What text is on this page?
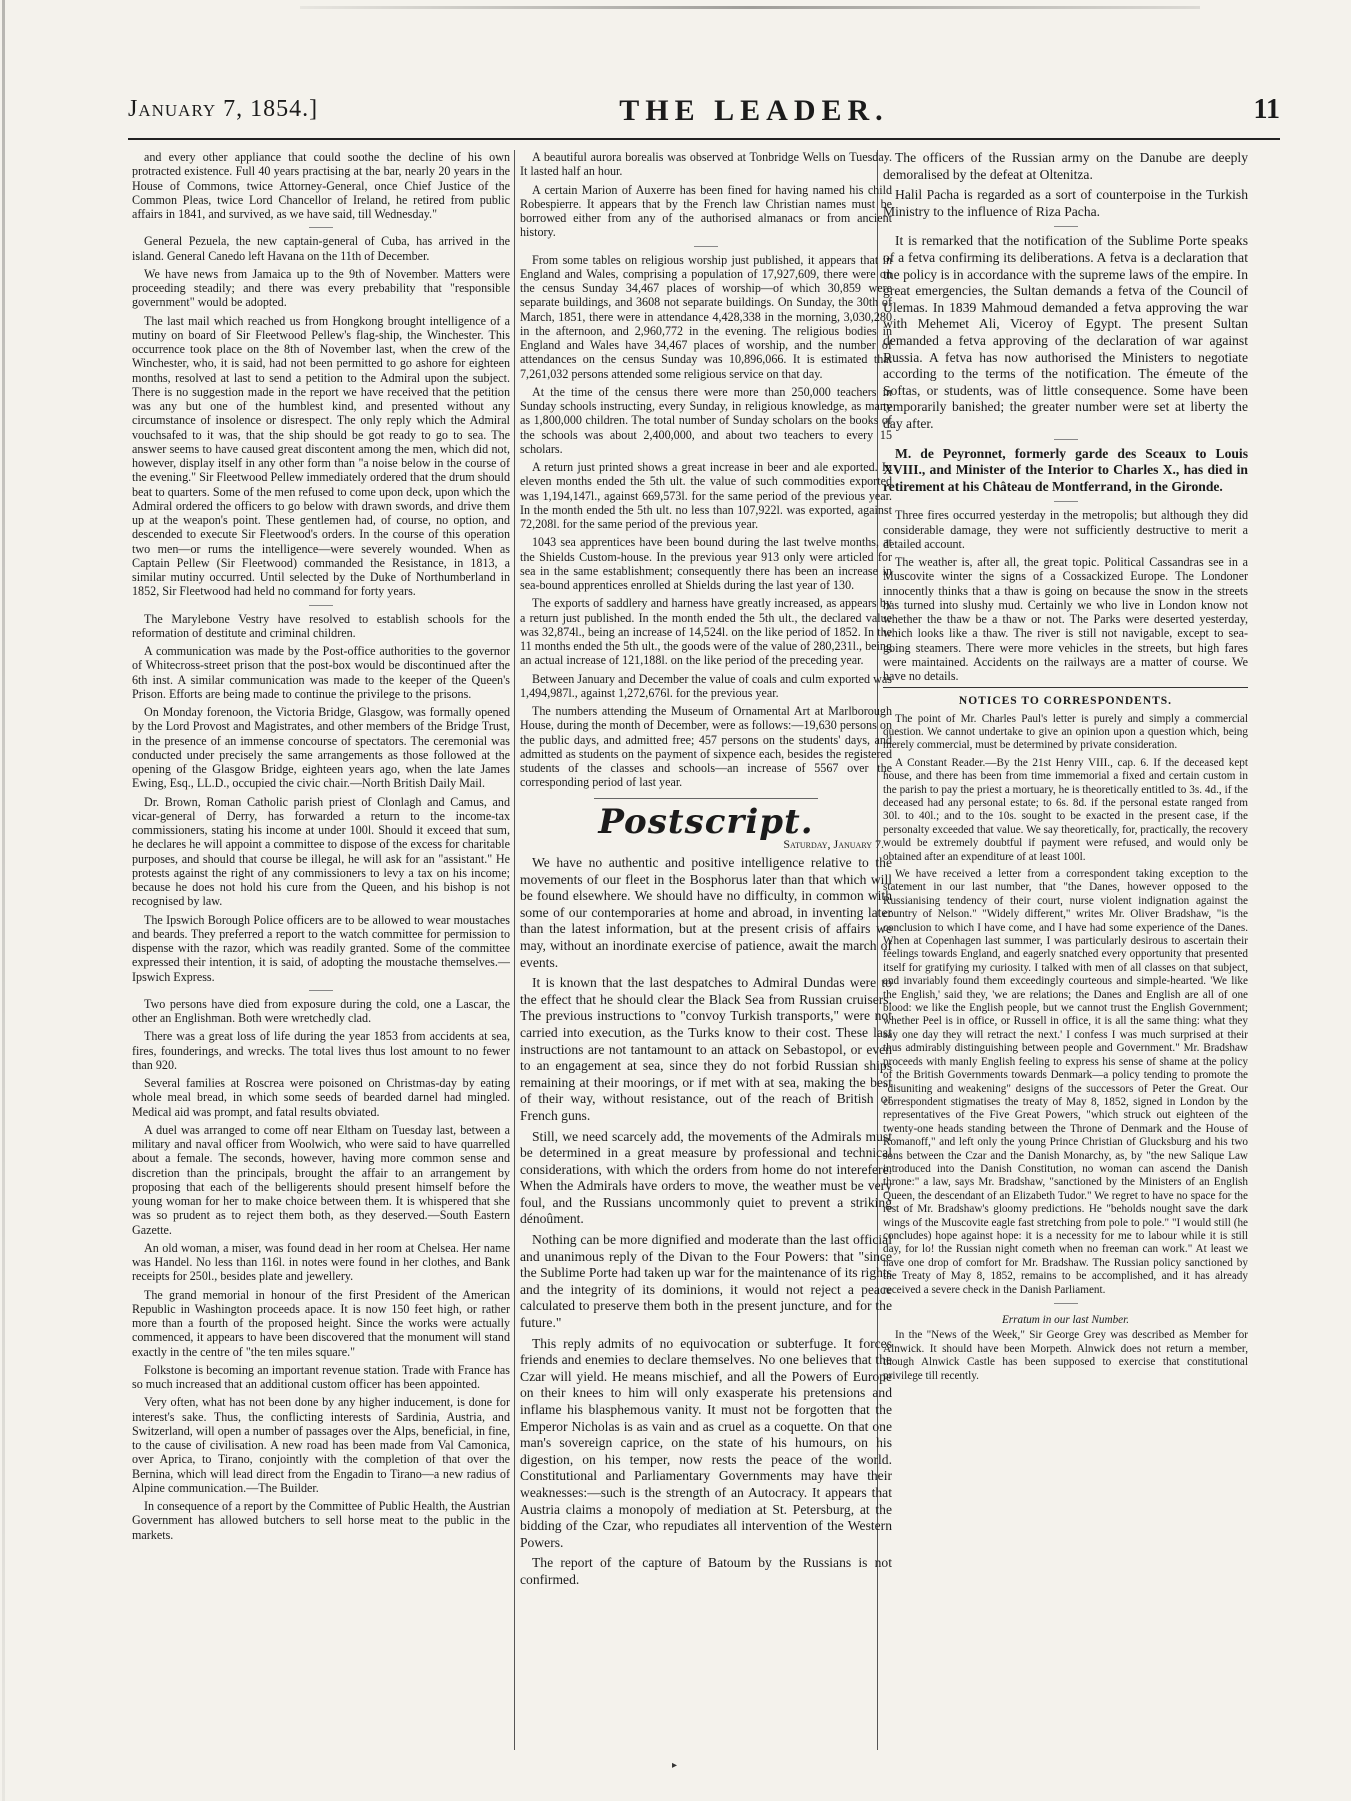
January 7, 1854.]	THE LEADER.	11

and every other appliance that could soothe the decline of his own protracted existence. Full 40 years practising at the bar, nearly 20 years in the House of Commons, twice Attorney-General, once Chief Justice of the Common Pleas, twice Lord Chancellor of Ireland, he retired from public affairs in 1841, and survived, as we have said, till Wednesday."

General Pezuela, the new captain-general of Cuba, has arrived in the island. General Canedo left Havana on the 11th of December.

We have news from Jamaica up to the 9th of November. Matters were proceeding steadily; and there was every prebability that "responsible government" would be adopted.

The last mail which reached us from Hongkong brought intelligence of a mutiny on board of Sir Fleetwood Pellew's flag-ship, the Winchester. This occurrence took place on the 8th of November last, when the crew of the Winchester, who, it is said, had not been permitted to go ashore for eighteen months, resolved at last to send a petition to the Admiral upon the subject. There is no suggestion made in the report we have received that the petition was any but one of the humblest kind, and presented without any circumstance of insolence or disrespect. The only reply which the Admiral vouchsafed to it was, that the ship should be got ready to go to sea. The answer seems to have caused great discontent among the men, which did not, however, display itself in any other form than "a noise below in the course of the evening." Sir Fleetwood Pellew immediately ordered that the drum should beat to quarters. Some of the men refused to come upon deck, upon which the Admiral ordered the officers to go below with drawn swords, and drive them up at the weapon's point. These gentlemen had, of course, no option, and descended to execute Sir Fleetwood's orders. In the course of this operation two men—or rums the intelligence—were severely wounded. When as Captain Pellew (Sir Fleetwood) commanded the Resistance, in 1813, a similar mutiny occurred. Until selected by the Duke of Northumberland in 1852, Sir Fleetwood had held no command for forty years.

The Marylebone Vestry have resolved to establish schools for the reformation of destitute and criminal children.

A communication was made by the Post-office authorities to the governor of Whitecross-street prison that the post-box would be discontinued after the 6th inst. A similar communication was made to the keeper of the Queen's Prison. Efforts are being made to continue the privilege to the prisons.

On Monday forenoon, the Victoria Bridge, Glasgow, was formally opened by the Lord Provost and Magistrates, and other members of the Bridge Trust, in the presence of an immense concourse of spectators. The ceremonial was conducted under precisely the same arrangements as those followed at the opening of the Glasgow Bridge, eighteen years ago, when the late James Ewing, Esq., LL.D., occupied the civic chair.—North British Daily Mail.

Dr. Brown, Roman Catholic parish priest of Clonlagh and Camus, and vicar-general of Derry, has forwarded a return to the income-tax commissioners, stating his income at under 100l. Should it exceed that sum, he declares he will appoint a committee to dispose of the excess for charitable purposes, and should that course be illegal, he will ask for an "assistant." He protests against the right of any commissioners to levy a tax on his income; because he does not hold his cure from the Queen, and his bishop is not recognised by law.

The Ipswich Borough Police officers are to be allowed to wear moustaches and beards. They preferred a report to the watch committee for permission to dispense with the razor, which was readily granted. Some of the committee expressed their intention, it is said, of adopting the moustache themselves.—Ipswich Express.

Two persons have died from exposure during the cold, one a Lascar, the other an Englishman. Both were wretchedly clad.

There was a great loss of life during the year 1853 from accidents at sea, fires, founderings, and wrecks. The total lives thus lost amount to no fewer than 920.

Several families at Roscrea were poisoned on Christmas-day by eating whole meal bread, in which some seeds of bearded darnel had mingled. Medical aid was prompt, and fatal results obviated.

A duel was arranged to come off near Eltham on Tuesday last, between a military and naval officer from Woolwich, who were said to have quarrelled about a female. The seconds, however, having more common sense and discretion than the principals, brought the affair to an arrangement by proposing that each of the belligerents should present himself before the young woman for her to make choice between them. It is whispered that she was so prudent as to reject them both, as they deserved.—South Eastern Gazette.

An old woman, a miser, was found dead in her room at Chelsea. Her name was Handel. No less than 116l. in notes were found in her clothes, and Bank receipts for 250l., besides plate and jewellery.

The grand memorial in honour of the first President of the American Republic in Washington proceeds apace. It is now 150 feet high, or rather more than a fourth of the proposed height. Since the works were actually commenced, it appears to have been discovered that the monument will stand exactly in the centre of "the ten miles square."

Folkstone is becoming an important revenue station. Trade with France has so much increased that an additional custom officer has been appointed.

Very often, what has not been done by any higher inducement, is done for interest's sake. Thus, the conflicting interests of Sardinia, Austria, and Switzerland, will open a number of passages over the Alps, beneficial, in fine, to the cause of civilisation. A new road has been made from Val Camonica, over Aprica, to Tirano, conjointly with the completion of that over the Bernina, which will lead direct from the Engadin to Tirano—a new radius of Alpine communication.—The Builder.

In consequence of a report by the Committee of Public Health, the Austrian Government has allowed butchers to sell horse meat to the public in the markets.

A beautiful aurora borealis was observed at Tonbridge Wells on Tuesday. It lasted half an hour.

A certain Marion of Auxerre has been fined for having named his child Robespierre. It appears that by the French law Christian names must be borrowed either from any of the authorised almanacs or from ancient history.

From some tables on religious worship just published, it appears that in England and Wales, comprising a population of 17,927,609, there were on the census Sunday 34,467 places of worship—of which 30,859 were separate buildings, and 3608 not separate buildings. On Sunday, the 30th of March, 1851, there were in attendance 4,428,338 in the morning, 3,030,280 in the afternoon, and 2,960,772 in the evening. The religious bodies in England and Wales have 34,467 places of worship, and the number of attendances on the census Sunday was 10,896,066. It is estimated that 7,261,032 persons attended some religious service on that day.

At the time of the census there were more than 250,000 teachers in Sunday schools instructing, every Sunday, in religious knowledge, as many as 1,800,000 children. The total number of Sunday scholars on the books of the schools was about 2,400,000, and about two teachers to every 15 scholars.

A return just printed shows a great increase in beer and ale exported. In eleven months ended the 5th ult. the value of such commodities exported was 1,194,147l., against 669,573l. for the same period of the previous year. In the month ended the 5th ult. no less than 107,922l. was exported, against 72,208l. for the same period of the previous year.

1043 sea apprentices have been bound during the last twelve months, at the Shields Custom-house. In the previous year 913 only were articled for sea in the same establishment; consequently there has been an increase in sea-bound apprentices enrolled at Shields during the last year of 130.

The exports of saddlery and harness have greatly increased, as appears by a return just published. In the month ended the 5th ult., the declared value was 32,874l., being an increase of 14,524l. on the like period of 1852. In the 11 months ended the 5th ult., the goods were of the value of 280,231l., being an actual increase of 121,188l. on the like period of the preceding year.

Between January and December the value of coals and culm exported was 1,494,987l., against 1,272,676l. for the previous year.

The numbers attending the Museum of Ornamental Art at Marlborough House, during the month of December, were as follows:—19,630 persons on the public days, and admitted free; 457 persons on the students' days, and admitted as students on the payment of sixpence each, besides the registered students of the classes and schools—an increase of 5567 over the corresponding period of last year.

Postscript.
Saturday, January 7.

We have no authentic and positive intelligence relative to the movements of our fleet in the Bosphorus later than that which will be found elsewhere. We should have no difficulty, in common with some of our contemporaries at home and abroad, in inventing later than the latest information, but at the present crisis of affairs we may, without an inordinate exercise of patience, await the march of events.

It is known that the last despatches to Admiral Dundas were to the effect that he should clear the Black Sea from Russian cruisers. The previous instructions to "convoy Turkish transports," were not carried into execution, as the Turks know to their cost. These last instructions are not tantamount to an attack on Sebastopol, or even to an engagement at sea, since they do not forbid Russian ships remaining at their moorings, or if met with at sea, making the best of their way, without resistance, out of the reach of British or French guns.

Still, we need scarcely add, the movements of the Admirals must be determined in a great measure by professional and technical considerations, with which the orders from home do not interefere. When the Admirals have orders to move, the weather must be very foul, and the Russians uncommonly quiet to prevent a striking dénoûment.

Nothing can be more dignified and moderate than the last official and unanimous reply of the Divan to the Four Powers: that "since the Sublime Porte had taken up war for the maintenance of its rights and the integrity of its dominions, it would not reject a peace calculated to preserve them both in the present juncture, and for the future."

This reply admits of no equivocation or subterfuge. It forces friends and enemies to declare themselves. No one believes that the Czar will yield. He means mischief, and all the Powers of Europe on their knees to him will only exasperate his pretensions and inflame his blasphemous vanity. It must not be forgotten that the Emperor Nicholas is as vain and as cruel as a coquette. On that one man's sovereign caprice, on the state of his humours, on his digestion, on his temper, now rests the peace of the world. Constitutional and Parliamentary Governments may have their weaknesses:—such is the strength of an Autocracy. It appears that Austria claims a monopoly of mediation at St. Petersburg, at the bidding of the Czar, who repudiates all intervention of the Western Powers.

The report of the capture of Batoum by the Russians is not confirmed.

The officers of the Russian army on the Danube are deeply demoralised by the defeat at Oltenitza.

Halil Pacha is regarded as a sort of counterpoise in the Turkish Ministry to the influence of Riza Pacha.

It is remarked that the notification of the Sublime Porte speaks of a fetva confirming its deliberations. A fetva is a declaration that the policy is in accordance with the supreme laws of the empire. In great emergencies, the Sultan demands a fetva of the Council of Ulemas. In 1839 Mahmoud demanded a fetva approving the war with Mehemet Ali, Viceroy of Egypt. The present Sultan demanded a fetva approving of the declaration of war against Russia. A fetva has now authorised the Ministers to negotiate according to the terms of the notification. The émeute of the Softas, or students, was of little consequence. Some have been temporarily banished; the greater number were set at liberty the day after.

M. de Peyronnet, formerly garde des Sceaux to Louis XVIII., and Minister of the Interior to Charles X., has died in retirement at his Château de Montferrand, in the Gironde.

Three fires occurred yesterday in the metropolis; but although they did considerable damage, they were not sufficiently destructive to merit a detailed account.

The weather is, after all, the great topic. Political Cassandras see in a Muscovite winter the signs of a Cossackized Europe. The Londoner innocently thinks that a thaw is going on because the snow in the streets has turned into slushy mud. Certainly we who live in London know not whether the thaw be a thaw or not. The Parks were deserted yesterday, which looks like a thaw. The river is still not navigable, except to sea-going steamers. There were more vehicles in the streets, but high fares were maintained. Accidents on the railways are a matter of course. We have no details.

NOTICES TO CORRESPONDENTS.

The point of Mr. Charles Paul's letter is purely and simply a commercial question. We cannot undertake to give an opinion upon a question which, being merely commercial, must be determined by private consideration.

A Constant Reader.—By the 21st Henry VIII., cap. 6. If the deceased kept house, and there has been from time immemorial a fixed and certain custom in the parish to pay the priest a mortuary, he is theoretically entitled to 3s. 4d., if the deceased had any personal estate; to 6s. 8d. if the personal estate ranged from 30l. to 40l.; and to the 10s. sought to be exacted in the present case, if the personalty exceeded that value. We say theoretically, for, practically, the recovery would be extremely doubtful if payment were refused, and would only be obtained after an expenditure of at least 100l.

We have received a letter from a correspondent taking exception to the statement in our last number, that "the Danes, however opposed to the Russianising tendency of their court, nurse violent indignation against the country of Nelson." "Widely different," writes Mr. Oliver Bradshaw, "is the conclusion to which I have come, and I have had some experience of the Danes. When at Copenhagen last summer, I was particularly desirous to ascertain their feelings towards England, and eagerly snatched every opportunity that presented itself for gratifying my curiosity. I talked with men of all classes on that subject, and invariably found them exceedingly courteous and simple-hearted. 'We like the English,' said they, 'we are relations; the Danes and English are all of one blood: we like the English people, but we cannot trust the English Government; whether Peel is in office, or Russell in office, it is all the same thing: what they say one day they will retract the next.' I confess I was much surprised at their thus admirably distinguishing between people and Government." Mr. Bradshaw proceeds with manly English feeling to express his sense of shame at the policy of the British Governments towards Denmark—a policy tending to promote the "disuniting and weakening" designs of the successors of Peter the Great. Our correspondent stigmatises the treaty of May 8, 1852, signed in London by the representatives of the Five Great Powers, "which struck out eighteen of the twenty-one heads standing between the Throne of Denmark and the House of Romanoff," and left only the young Prince Christian of Glucksburg and his two sons between the Czar and the Danish Monarchy, as, by "the new Salique Law introduced into the Danish Constitution, no woman can ascend the Danish throne:" a law, says Mr. Bradshaw, "sanctioned by the Ministers of an English Queen, the descendant of an Elizabeth Tudor." We regret to have no space for the rest of Mr. Bradshaw's gloomy predictions. He "beholds nought save the dark wings of the Muscovite eagle fast stretching from pole to pole." "I would still (he concludes) hope against hope: it is a necessity for me to labour while it is still day, for lo! the Russian night cometh when no freeman can work." At least we have one drop of comfort for Mr. Bradshaw. The Russian policy sanctioned by the Treaty of May 8, 1852, remains to be accomplished, and it has already received a severe check in the Danish Parliament.

Erratum in our last Number.

In the "News of the Week," Sir George Grey was described as Member for Alnwick. It should have been Morpeth. Alnwick does not return a member, though Alnwick Castle has been supposed to exercise that constitutional privilege till recently.

▸
